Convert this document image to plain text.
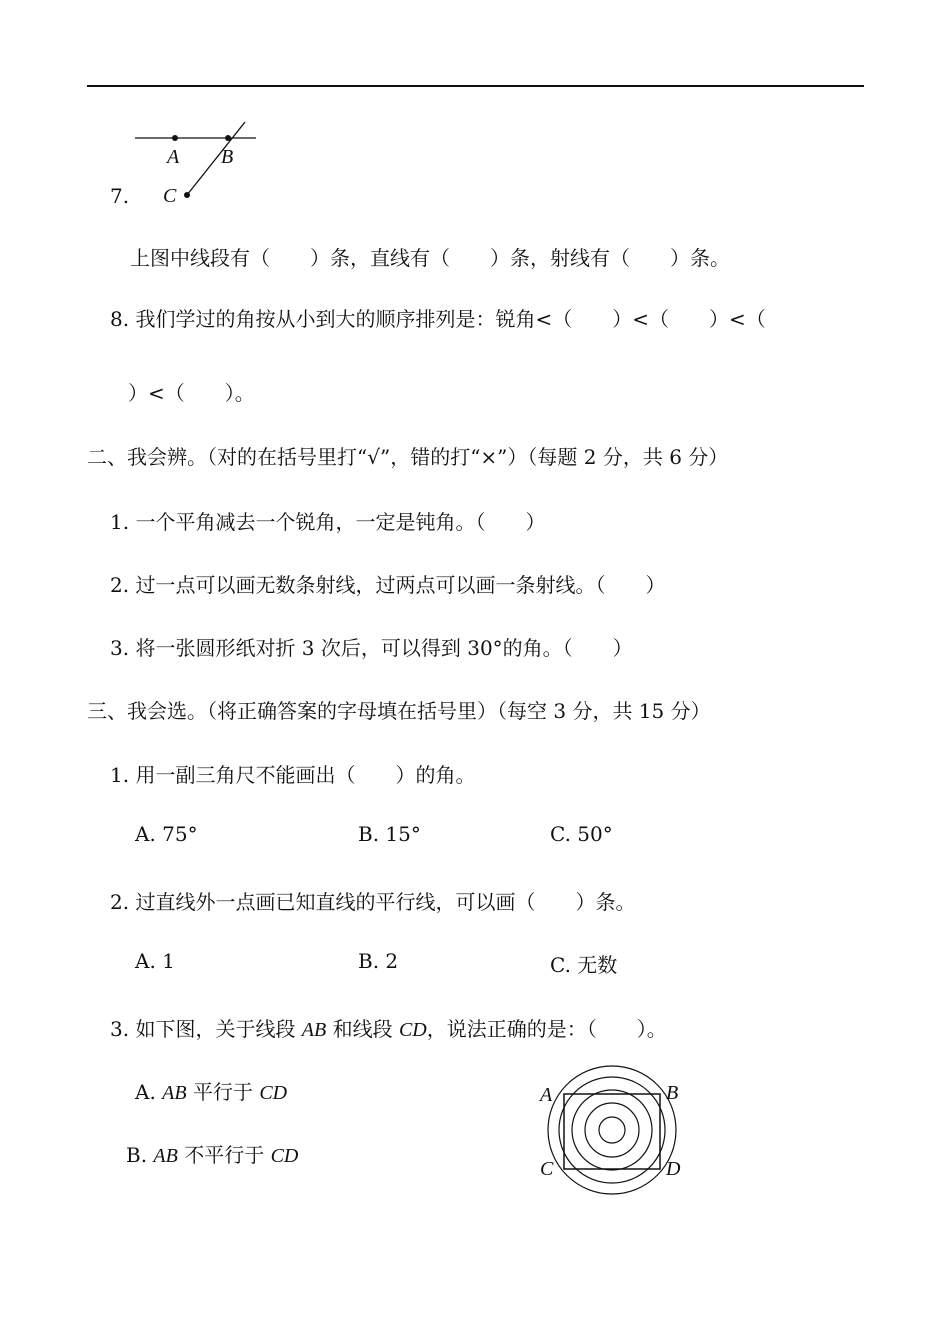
A B
C
7.
上图中线段有（　　）条，直线有（　　）条，射线有（　　）条。
8. 我们学过的角按从小到大的顺序排列是：锐角<（　　）<（　　）<（
）<（　　）。
二、我会辨。（对的在括号里打“√”，错的打“×”）（每题 2 分，共 6 分）
1. 一个平角减去一个锐角，一定是钝角。（　　）
2. 过一点可以画无数条射线，过两点可以画一条射线。（　　）
3. 将一张圆形纸对折 3 次后，可以得到 30°的角。（　　）
三、我会选。（将正确答案的字母填在括号里）（每空 3 分，共 15 分）
1. 用一副三角尺不能画出（　　）的角。
A. 75°	B. 15°	C. 50°
2. 过直线外一点画已知直线的平行线，可以画（　　）条。
A. 1	B. 2	C. 无数
3. 如下图，关于线段 AB 和线段 CD，说法正确的是：（　　）。
A. AB 平行于 CD
B. AB 不平行于 CD
A	B
C	D
